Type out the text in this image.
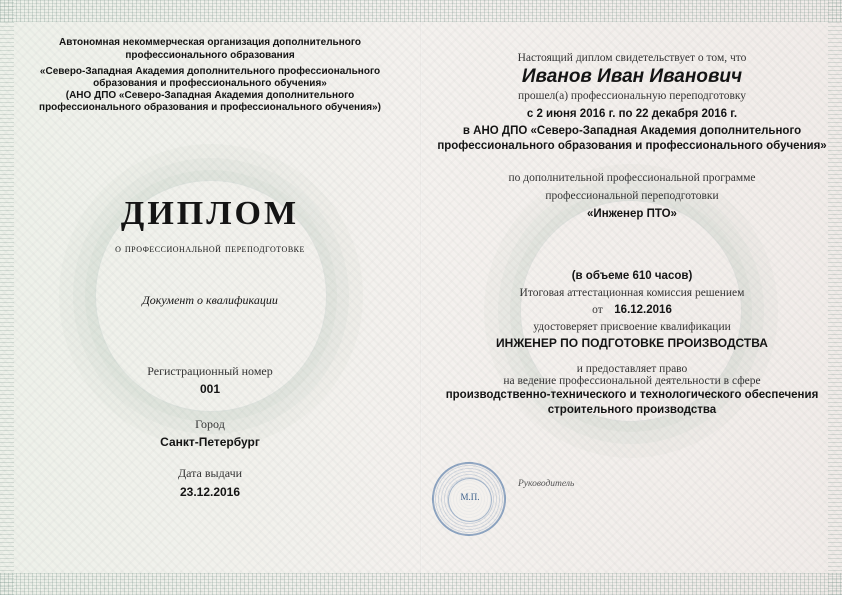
Автономная некоммерческая организация дополнительного
профессионального образования
«Северо-Западная Академия дополнительного профессионального
образования и профессионального обучения»
(АНО ДПО «Северо-Западная Академия дополнительного
профессионального образования и профессионального обучения»)
ДИПЛОМ
о профессиональной переподготовке
Документ о квалификации
Регистрационный номер
001
Город
Санкт-Петербург
Дата выдачи
23.12.2016
Настоящий диплом свидетельствует о том, что
Иванов Иван Иванович
прошел(а) профессиональную переподготовку
с 2 июня 2016 г. по 22 декабря 2016 г.
в АНО ДПО «Северо-Западная Академия дополнительного профессионального образования и профессионального обучения»
по дополнительной профессиональной программе
профессиональной переподготовки
«Инженер ПТО»
(в объеме 610 часов)
Итоговая аттестационная комиссия решением
от 16.12.2016
удостоверяет присвоение квалификации
ИНЖЕНЕР ПО ПОДГОТОВКЕ ПРОИЗВОДСТВА
и предоставляет право
на ведение профессиональной деятельности в сфере
производственно-технического и технологического обеспечения строительного производства
М.П.
Руководитель
